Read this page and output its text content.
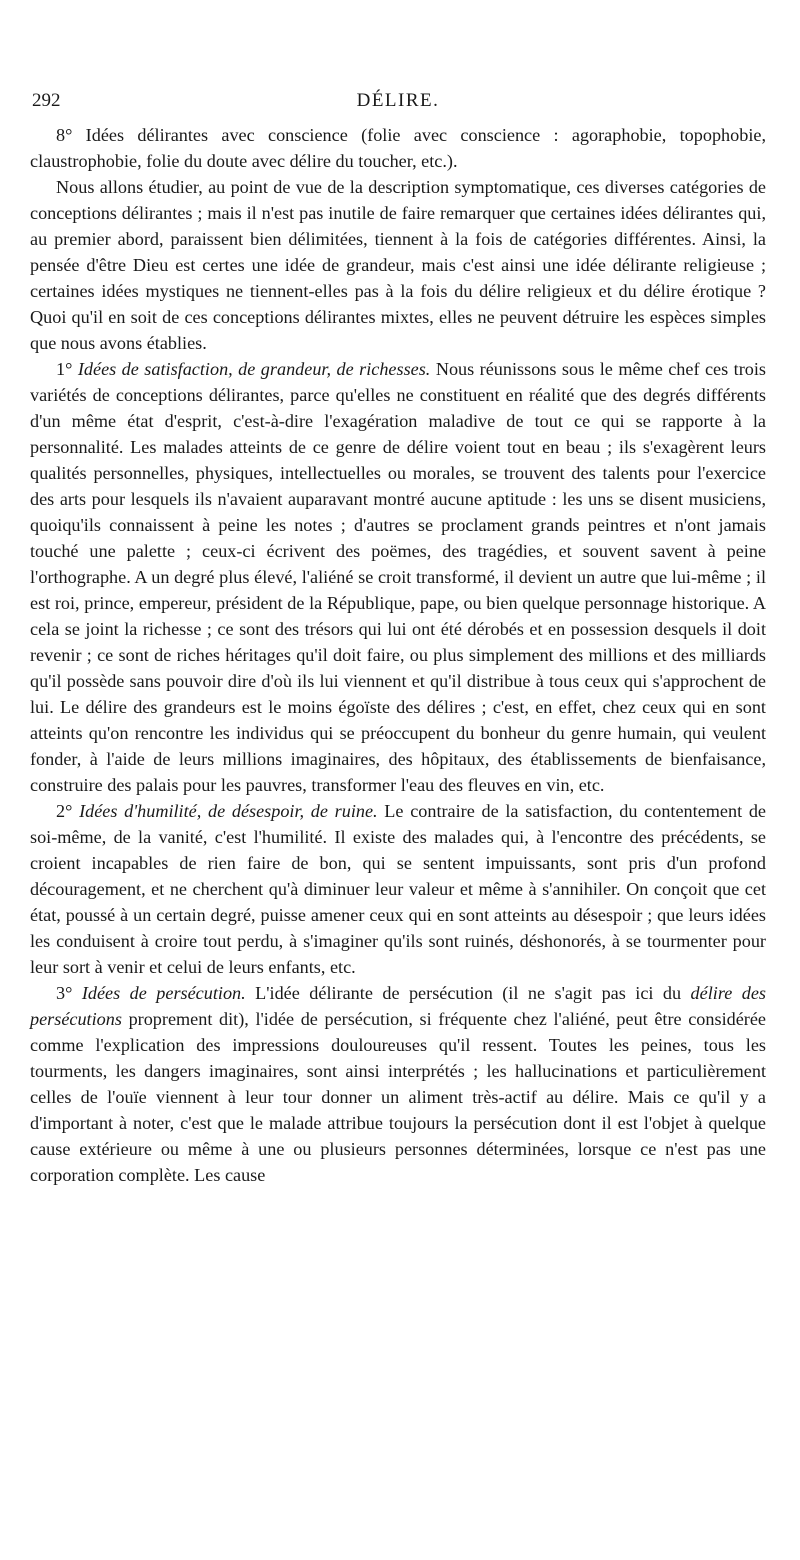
292	DÉLIRE.

8° Idées délirantes avec conscience (folie avec conscience : agoraphobie, topophobie, claustrophobie, folie du doute avec délire du toucher, etc.).

Nous allons étudier, au point de vue de la description symptomatique, ces diverses catégories de conceptions délirantes ; mais il n'est pas inutile de faire remarquer que certaines idées délirantes qui, au premier abord, paraissent bien délimitées, tiennent à la fois de catégories différentes. Ainsi, la pensée d'être Dieu est certes une idée de grandeur, mais c'est ainsi une idée délirante religieuse ; certaines idées mystiques ne tiennent-elles pas à la fois du délire religieux et du délire érotique ? Quoi qu'il en soit de ces conceptions délirantes mixtes, elles ne peuvent détruire les espèces simples que nous avons établies.

1° Idées de satisfaction, de grandeur, de richesses. Nous réunissons sous le même chef ces trois variétés de conceptions délirantes, parce qu'elles ne constituent en réalité que des degrés différents d'un même état d'esprit, c'est-à-dire l'exagération maladive de tout ce qui se rapporte à la personnalité. Les malades atteints de ce genre de délire voient tout en beau ; ils s'exagèrent leurs qualités personnelles, physiques, intellectuelles ou morales, se trouvent des talents pour l'exercice des arts pour lesquels ils n'avaient auparavant montré aucune aptitude : les uns se disent musiciens, quoiqu'ils connaissent à peine les notes ; d'autres se proclament grands peintres et n'ont jamais touché une palette ; ceux-ci écrivent des poëmes, des tragédies, et souvent savent à peine l'orthographe. A un degré plus élevé, l'aliéné se croit transformé, il devient un autre que lui-même ; il est roi, prince, empereur, président de la République, pape, ou bien quelque personnage historique. A cela se joint la richesse ; ce sont des trésors qui lui ont été dérobés et en possession desquels il doit revenir ; ce sont de riches héritages qu'il doit faire, ou plus simplement des millions et des milliards qu'il possède sans pouvoir dire d'où ils lui viennent et qu'il distribue à tous ceux qui s'approchent de lui. Le délire des grandeurs est le moins égoïste des délires ; c'est, en effet, chez ceux qui en sont atteints qu'on rencontre les individus qui se préoccupent du bonheur du genre humain, qui veulent fonder, à l'aide de leurs millions imaginaires, des hôpitaux, des établissements de bienfaisance, construire des palais pour les pauvres, transformer l'eau des fleuves en vin, etc.

2° Idées d'humilité, de désespoir, de ruine. Le contraire de la satisfaction, du contentement de soi-même, de la vanité, c'est l'humilité. Il existe des malades qui, à l'encontre des précédents, se croient incapables de rien faire de bon, qui se sentent impuissants, sont pris d'un profond découragement, et ne cherchent qu'à diminuer leur valeur et même à s'annihiler. On conçoit que cet état, poussé à un certain degré, puisse amener ceux qui en sont atteints au désespoir ; que leurs idées les conduisent à croire tout perdu, à s'imaginer qu'ils sont ruinés, déshonorés, à se tourmenter pour leur sort à venir et celui de leurs enfants, etc.

3° Idées de persécution. L'idée délirante de persécution (il ne s'agit pas ici du délire des persécutions proprement dit), l'idée de persécution, si fréquente chez l'aliéné, peut être considérée comme l'explication des impressions douloureuses qu'il ressent. Toutes les peines, tous les tourments, les dangers imaginaires, sont ainsi interprétés ; les hallucinations et particulièrement celles de l'ouïe viennent à leur tour donner un aliment très-actif au délire. Mais ce qu'il y a d'important à noter, c'est que le malade attribue toujours la persécution dont il est l'objet à quelque cause extérieure ou même à une ou plusieurs personnes déterminées, lorsque ce n'est pas une corporation complète. Les cause
